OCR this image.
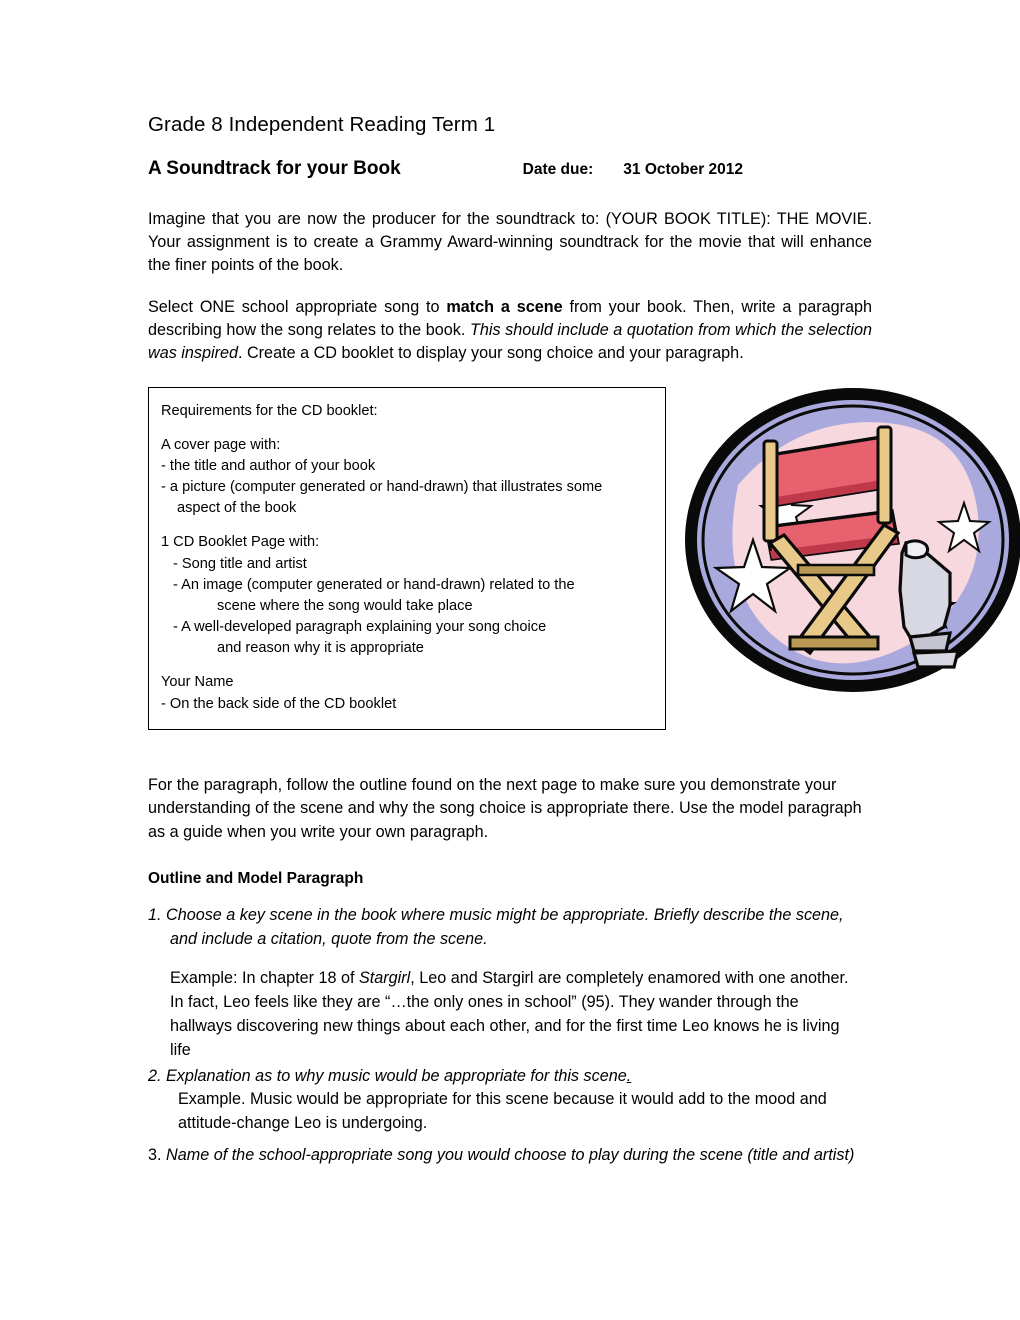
Grade 8 Independent Reading Term 1
A Soundtrack for your Book	Date due: 31 October 2012

Imagine that you are now the producer for the soundtrack to: (YOUR BOOK TITLE): THE MOVIE. Your assignment is to create a Grammy Award-winning soundtrack for the movie that will enhance the finer points of the book.

Select ONE school appropriate song to match a scene from your book. Then, write a paragraph describing how the song relates to the book. This should include a quotation from which the selection was inspired. Create a CD booklet to display your song choice and your paragraph.

Requirements for the CD booklet:
A cover page with:
- the title and author of your book
- a picture (computer generated or hand-drawn) that illustrates some
aspect of the book
1 CD Booklet Page with:
- Song title and artist
- An image (computer generated or hand-drawn) related to the
scene where the song would take place
- A well-developed paragraph explaining your song choice
and reason why it is appropriate
Your Name
- On the back side of the CD booklet

For the paragraph, follow the outline found on the next page to make sure you demonstrate your understanding of the scene and why the song choice is appropriate there. Use the model paragraph as a guide when you write your own paragraph.

Outline and Model Paragraph

1. Choose a key scene in the book where music might be appropriate. Briefly describe the scene, and include a citation, quote from the scene.

Example: In chapter 18 of Stargirl, Leo and Stargirl are completely enamored with one another. In fact, Leo feels like they are “…the only ones in school” (95). They wander through the hallways discovering new things about each other, and for the first time Leo knows he is living life

2. Explanation as to why music would be appropriate for this scene.

Example. Music would be appropriate for this scene because it would add to the mood and attitude-change Leo is undergoing.

3. Name of the school-appropriate song you would choose to play during the scene (title and artist)
